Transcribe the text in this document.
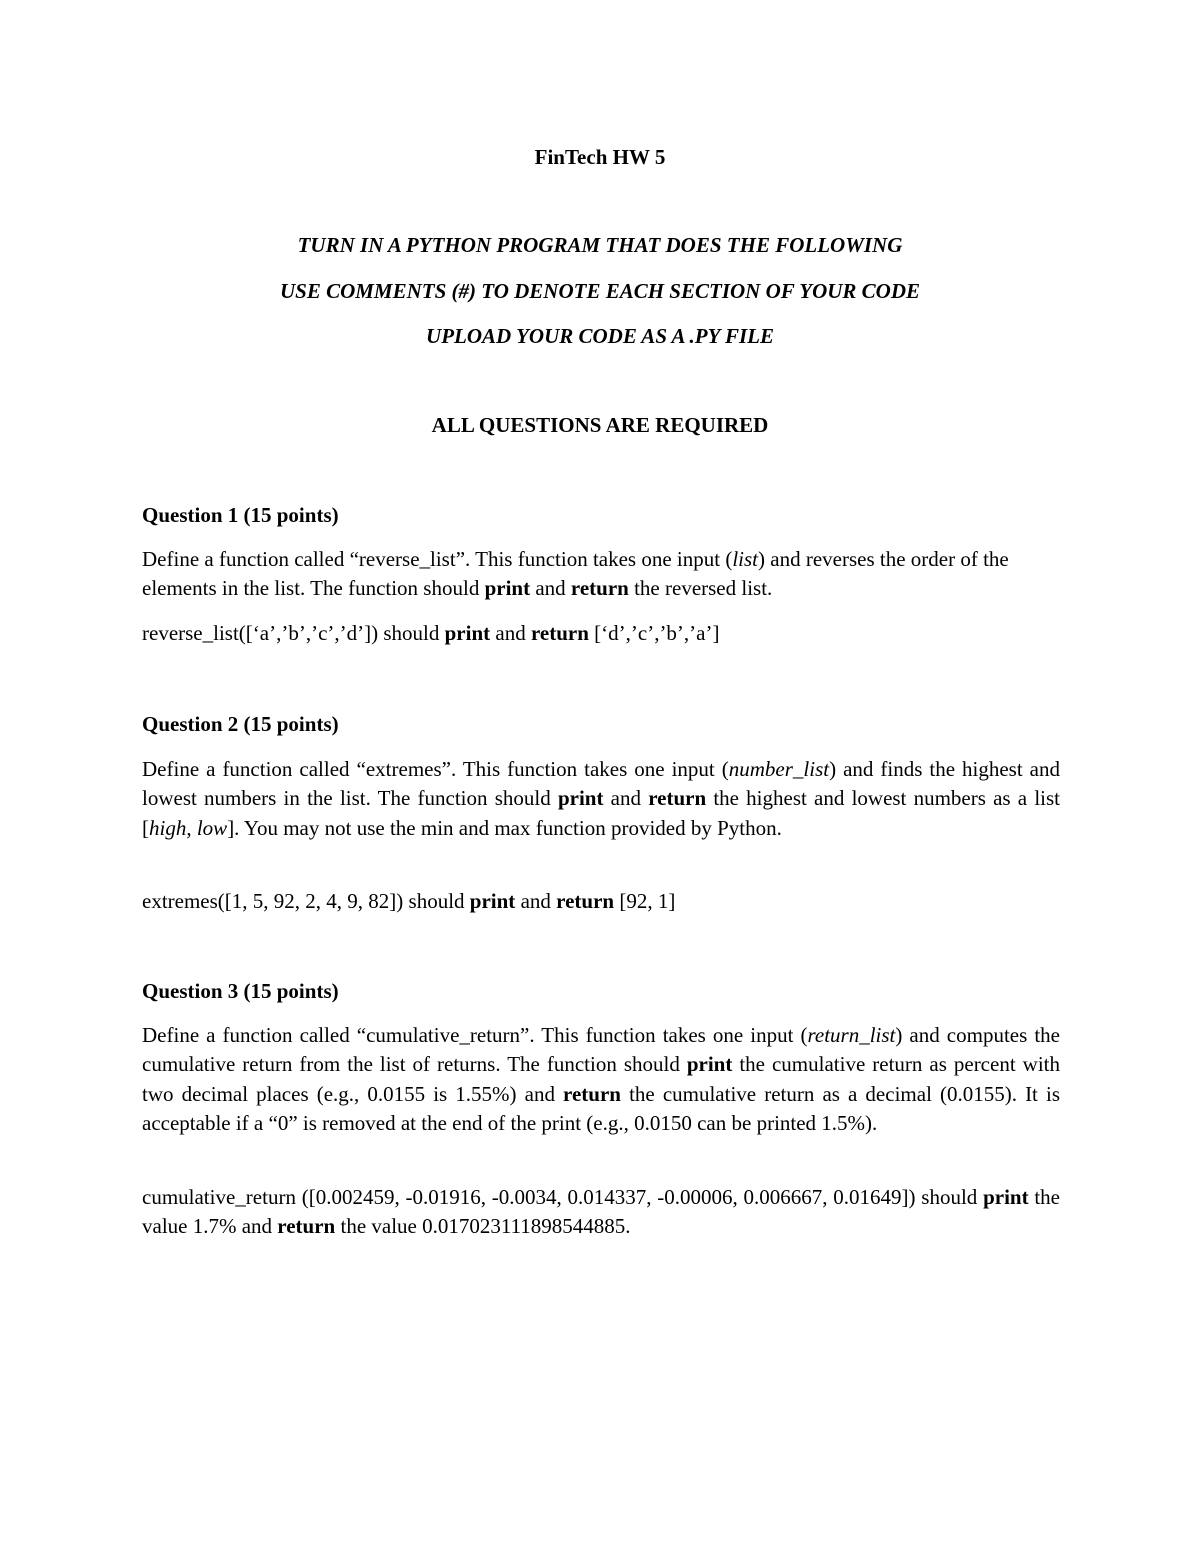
FinTech HW 5
TURN IN A PYTHON PROGRAM THAT DOES THE FOLLOWING
USE COMMENTS (#) TO DENOTE EACH SECTION OF YOUR CODE
UPLOAD YOUR CODE AS A .PY FILE
ALL QUESTIONS ARE REQUIRED
Question 1 (15 points)
Define a function called “reverse_list”. This function takes one input (list) and reverses the order of the elements in the list. The function should print and return the reversed list.
reverse_list([‘a’,’b’,’c’,’d’]) should print and return [‘d’,’c’,’b’,’a’]
Question 2 (15 points)
Define a function called “extremes”. This function takes one input (number_list) and finds the highest and lowest numbers in the list. The function should print and return the highest and lowest numbers as a list [high, low]. You may not use the min and max function provided by Python.
extremes([1, 5, 92, 2, 4, 9, 82]) should print and return [92, 1]
Question 3 (15 points)
Define a function called “cumulative_return”. This function takes one input (return_list) and computes the cumulative return from the list of returns. The function should print the cumulative return as percent with two decimal places (e.g., 0.0155 is 1.55%) and return the cumulative return as a decimal (0.0155). It is acceptable if a “0” is removed at the end of the print (e.g., 0.0150 can be printed 1.5%).
cumulative_return ([0.002459, -0.01916, -0.0034, 0.014337, -0.00006, 0.006667, 0.01649]) should print the value 1.7% and return the value 0.017023111898544885.
